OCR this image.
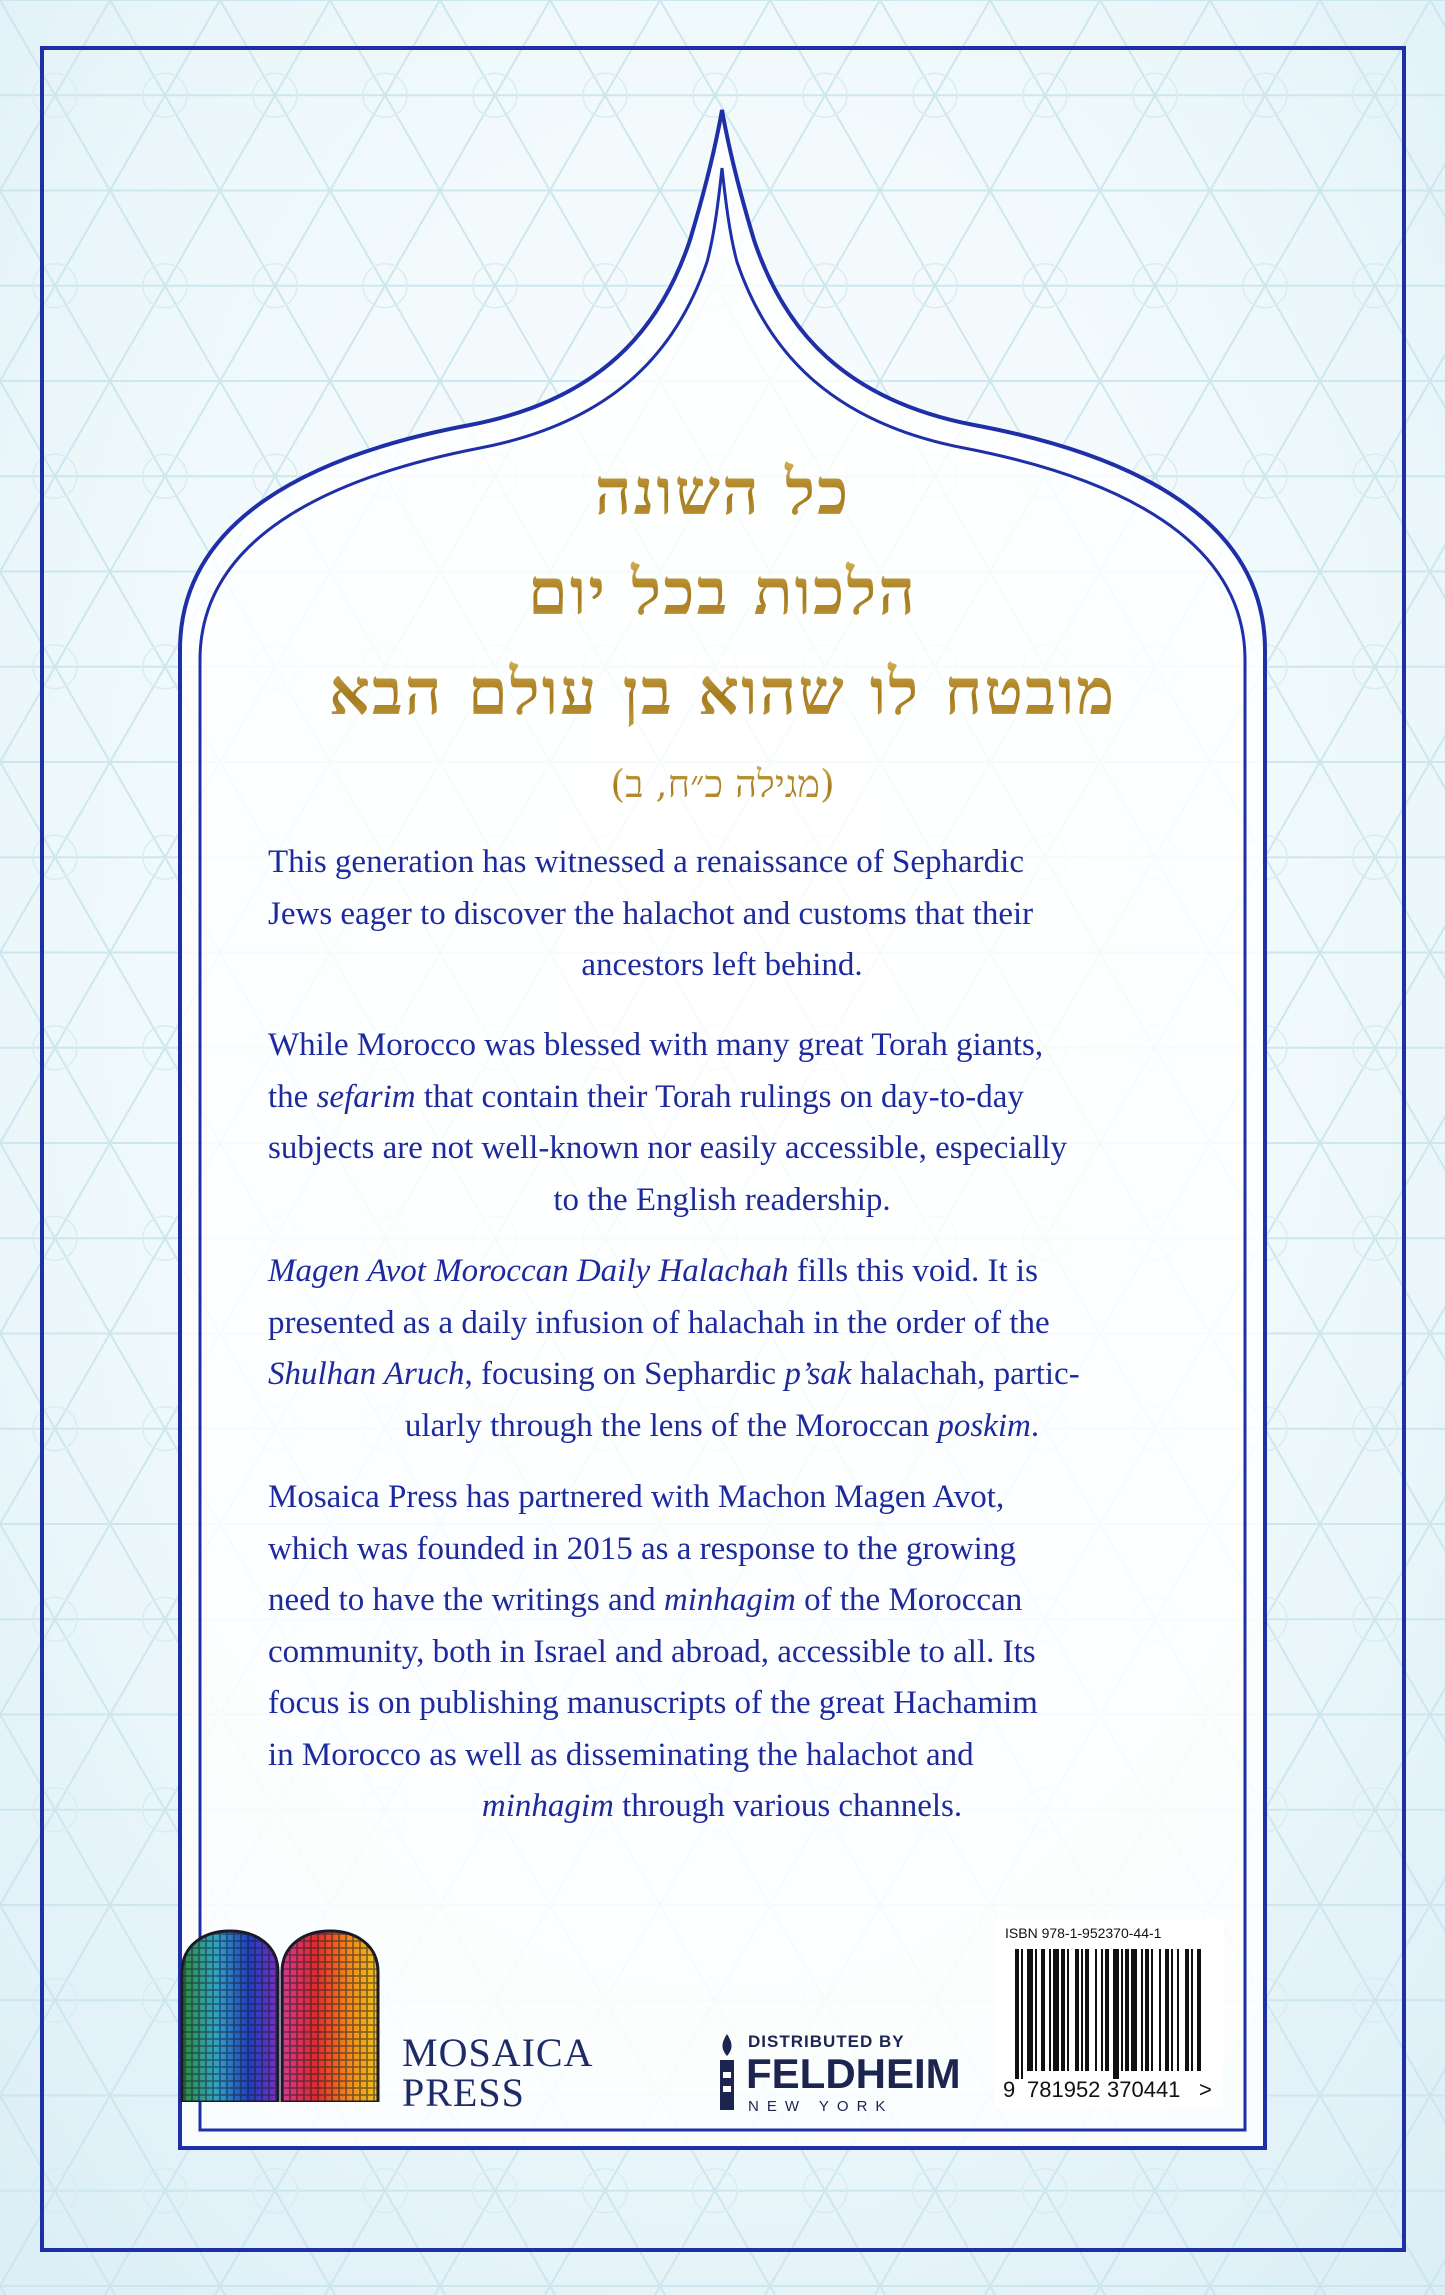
כל השונה
הלכות בכל יום
מובטח לו שהוא בן עולם הבא
(מגילה כ״ח, ב)
This generation has witnessed a renaissance of Sephardic
Jews eager to discover the halachot and customs that their
ancestors left behind.
While Morocco was blessed with many great Torah giants,
the sefarim that contain their Torah rulings on day-to-day
subjects are not well-known nor easily accessible, especially
to the English readership.
Magen Avot Moroccan Daily Halachah fills this void. It is
presented as a daily infusion of halachah in the order of the
Shulhan Aruch, focusing on Sephardic p’sak halachah, partic-
ularly through the lens of the Moroccan poskim.
Mosaica Press has partnered with Machon Magen Avot,
which was founded in 2015 as a response to the growing
need to have the writings and minhagim of the Moroccan
community, both in Israel and abroad, accessible to all. Its
focus is on publishing manuscripts of the great Hachamim
in Morocco as well as disseminating the halachot and
minhagim through various channels.
MOSAICA
PRESS
DISTRIBUTED BY
FELDHEIM
NEW YORK
ISBN 978-1-952370-44-1
9 781952 370441 >
